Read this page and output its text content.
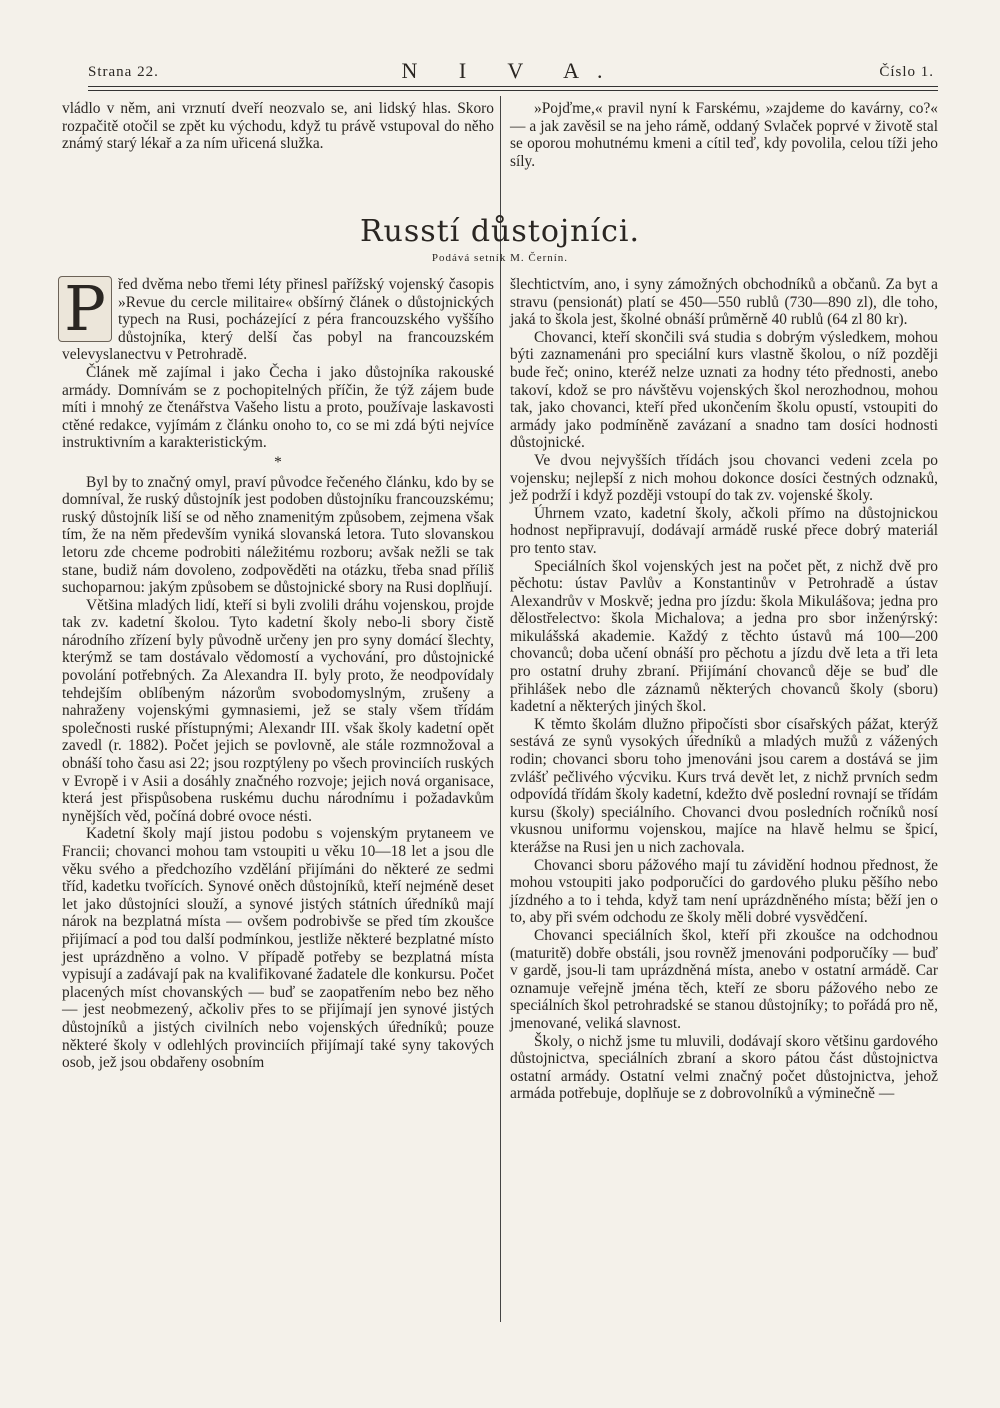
Strana 22.	N I V A.	Číslo 1.

vládlo v něm, ani vrznutí dveří neozvalo se, ani lidský hlas. Skoro rozpačitě otočil se zpět ku východu, když tu právě vstupoval do něho známý starý lékař a za ním uřicená služka.

»Pojďme,« pravil nyní k Farskému, »zajdeme do kavárny, co?« — a jak zavěsil se na jeho rámě, oddaný Svlaček poprvé v životě stal se oporou mohutnému kmeni a cítil teď, kdy povolila, celou tíži jeho síly.

Russtí důstojníci.
Podává setník M. Černín.

P řed dvěma nebo třemi léty přinesl pařížský vojenský časopis »Revue du cercle militaire« obšírný článek o důstojnických typech na Rusi, pocházející z péra francouzského vyššího důstojníka, který delší čas pobyl na francouzském velevyslanectvu v Petrohradě.

Článek mě zajímal i jako Čecha i jako důstojníka rakouské armády. Domnívám se z pochopitelných příčin, že týž zájem bude míti i mnohý ze čtenářstva Vašeho listu a proto, používaje laskavosti ctěné redakce, vyjímám z článku onoho to, co se mi zdá býti nejvíce instruktivním a karakteristickým.

*

Byl by to značný omyl, praví původce řečeného článku, kdo by se domníval, že ruský důstojník jest podoben důstojníku francouzskému; ruský důstojník liší se od něho znamenitým způsobem, zejmena však tím, že na něm především vyniká slovanská letora. Tuto slovanskou letoru zde chceme podrobiti náležitému rozboru; avšak nežli se tak stane, budiž nám dovoleno, zodpověděti na otázku, třeba snad příliš suchoparnou: jakým způsobem se důstojnické sbory na Rusi doplňují.

Většina mladých lidí, kteří si byli zvolili dráhu vojenskou, projde tak zv. kadetní školou. Tyto kadetní školy nebo-li sbory čistě národního zřízení byly původně určeny jen pro syny domácí šlechty, kterýmž se tam dostávalo vědomostí a vychování, pro důstojnické povolání potřebných. Za Alexandra II. byly proto, že neodpovídaly tehdejším oblíbeným názorům svobodomyslným, zrušeny a nahraženy vojenskými gymnasiemi, jež se staly všem třídám společnosti ruské přístupnými; Alexandr III. však školy kadetní opět zavedl (r. 1882). Počet jejich se povlovně, ale stále rozmnožoval a obnáší toho času asi 22; jsou rozptýleny po všech provinciích ruských v Evropě i v Asii a dosáhly značného rozvoje; jejich nová organisace, která jest přispůsobena ruskému duchu národnímu i požadavkům nynějších věd, počíná dobré ovoce nésti.

Kadetní školy mají jistou podobu s vojenským prytaneem ve Francii; chovanci mohou tam vstoupiti u věku 10—18 let a jsou dle věku svého a předchozího vzdělání přijímáni do některé ze sedmi tříd, kadetku tvořících. Synové oněch důstojníků, kteří nejméně deset let jako důstojníci slouží, a synové jistých státních úředníků mají nárok na bezplatná místa — ovšem podrobivše se před tím zkoušce přijímací a pod tou další podmínkou, jestliže některé bezplatné místo jest uprázdněno a volno. V případě potřeby se bezplatná místa vypisují a zadávají pak na kvalifikované žadatele dle konkursu. Počet placených míst chovanských — buď se zaopatřením nebo bez něho — jest neobmezený, ačkoliv přes to se přijímají jen synové jistých důstojníků a jistých civilních nebo vojenských úředníků; pouze některé školy v odlehlých provinciích přijímají také syny takových osob, jež jsou obdařeny osobním

šlechtictvím, ano, i syny zámožných obchodníků a občanů. Za byt a stravu (pensionát) platí se 450—550 rublů (730—890 zl), dle toho, jaká to škola jest, školné obnáší průměrně 40 rublů (64 zl 80 kr).

Chovanci, kteří skončili svá studia s dobrým výsledkem, mohou býti zaznamenáni pro speciální kurs vlastně školou, o níž později bude řeč; onino, kteréž nelze uznati za hodny této přednosti, anebo takoví, kdož se pro návštěvu vojenských škol nerozhodnou, mohou tak, jako chovanci, kteří před ukončením školu opustí, vstoupiti do armády jako podmíněně zavázaní a snadno tam dosíci hodnosti důstojnické.

Ve dvou nejvyšších třídách jsou chovanci vedeni zcela po vojensku; nejlepší z nich mohou dokonce dosíci čestných odznaků, jež podrží i když později vstoupí do tak zv. vojenské školy.

Úhrnem vzato, kadetní školy, ačkoli přímo na důstojnickou hodnost nepřipravují, dodávají armádě ruské přece dobrý materiál pro tento stav.

Speciálních škol vojenských jest na počet pět, z nichž dvě pro pěchotu: ústav Pavlův a Konstantinův v Petrohradě a ústav Alexandrův v Moskvě; jedna pro jízdu: škola Mikulášova; jedna pro dělostřelectvo: škola Michalova; a jedna pro sbor inženýrský: mikulášská akademie. Každý z těchto ústavů má 100—200 chovanců; doba učení obnáší pro pěchotu a jízdu dvě leta a tři leta pro ostatní druhy zbraní. Přijímání chovanců děje se buď dle přihlášek nebo dle záznamů některých chovanců školy (sboru) kadetní a některých jiných škol.

K těmto školám dlužno připočísti sbor císařských pážat, kterýž sestává ze synů vysokých úředníků a mladých mužů z vážených rodin; chovanci sboru toho jmenováni jsou carem a dostává se jim zvlášť pečlivého výcviku. Kurs trvá devět let, z nichž prvních sedm odpovídá třídám školy kadetní, kdežto dvě poslední rovnají se třídám kursu (školy) speciálního. Chovanci dvou posledních ročníků nosí vkusnou uniformu vojenskou, majíce na hlavě helmu se špicí, kterážse na Rusi jen u nich zachovala.

Chovanci sboru pážového mají tu závidění hodnou přednost, že mohou vstoupiti jako podporučíci do gardového pluku pěšího nebo jízdného a to i tehda, když tam není uprázdněného místa; běží jen o to, aby při svém odchodu ze školy měli dobré vysvědčení.

Chovanci speciálních škol, kteří při zkoušce na odchodnou (maturitě) dobře obstáli, jsou rovněž jmenováni podporučíky — buď v gardě, jsou-li tam uprázdněná místa, anebo v ostatní armádě. Car oznamuje veřejně jména těch, kteří ze sboru pážového nebo ze speciálních škol petrohradské se stanou důstojníky; to pořádá pro ně, jmenované, veliká slavnost.

Školy, o nichž jsme tu mluvili, dodávají skoro většinu gardového důstojnictva, speciálních zbraní a skoro pátou část důstojnictva ostatní armády. Ostatní velmi značný počet důstojnictva, jehož armáda potřebuje, doplňuje se z dobrovolníků a výminečně —
